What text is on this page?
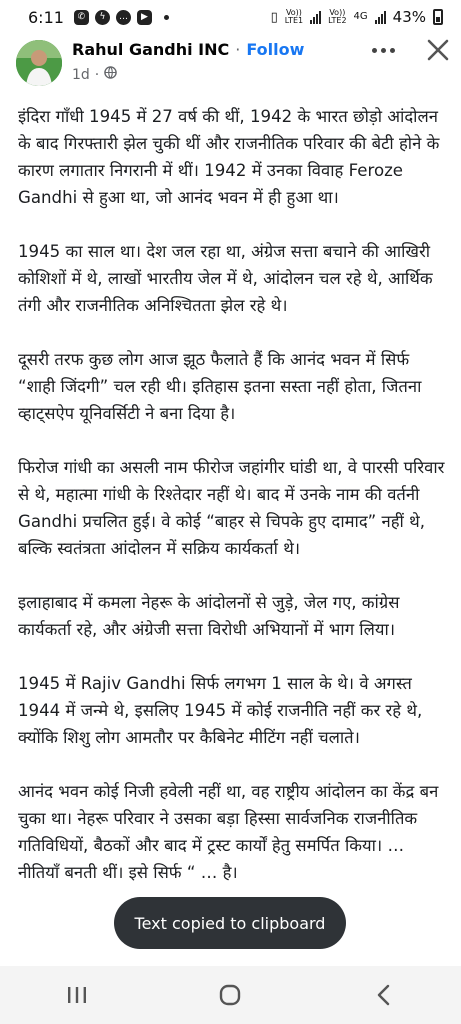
6:11	✆	ϟ	…	▶	▯ Vo))
LTE1
Vo))
LTE2 4G 43%
Rahul Gandhi INC · Follow
1d ·

इंदिरा गाँधी 1945 में 27 वर्ष की थीं, 1942 के भारत छोड़ो आंदोलन के बाद गिरफ्तारी झेल चुकी थीं और राजनीतिक परिवार की बेटी होने के कारण लगातार निगरानी में थीं। 1942 में उनका विवाह Feroze Gandhi से हुआ था, जो आनंद भवन में ही हुआ था।

1945 का साल था। देश जल रहा था, अंग्रेज सत्ता बचाने की आखिरी कोशिशों में थे, लाखों भारतीय जेल में थे, आंदोलन चल रहे थे, आर्थिक तंगी और राजनीतिक अनिश्चितता झेल रहे थे।

दूसरी तरफ कुछ लोग आज झूठ फैलाते हैं कि आनंद भवन में सिर्फ “शाही जिंदगी” चल रही थी। इतिहास इतना सस्ता नहीं होता, जितना व्हाट्सऐप यूनिवर्सिटी ने बना दिया है।

फिरोज गांधी का असली नाम फीरोज जहांगीर घांडी था, वे पारसी परिवार से थे, महात्मा गांधी के रिश्तेदार नहीं थे। बाद में उनके नाम की वर्तनी Gandhi प्रचलित हुई। वे कोई “बाहर से चिपके हुए दामाद” नहीं थे, बल्कि स्वतंत्रता आंदोलन में सक्रिय कार्यकर्ता थे।

इलाहाबाद में कमला नेहरू के आंदोलनों से जुड़े, जेल गए, कांग्रेस कार्यकर्ता रहे, और अंग्रेजी सत्ता विरोधी अभियानों में भाग लिया।

1945 में Rajiv Gandhi सिर्फ लगभग 1 साल के थे। वे अगस्त 1944 में जन्मे थे, इसलिए 1945 में कोई राजनीति नहीं कर रहे थे, क्योंकि शिशु लोग आमतौर पर कैबिनेट मीटिंग नहीं चलाते।

आनंद भवन कोई निजी हवेली नहीं था, वह राष्ट्रीय आंदोलन का केंद्र बन चुका था। नेहरू परिवार ने उसका बड़ा हिस्सा सार्वजनिक राजनीतिक गतिविधियों, बैठकों और बाद में ट्रस्ट कार्यों हेतु समर्पित किया। … नीतियाँ बनती थीं। इसे सिर्फ “ … है।

Text copied to clipboard
